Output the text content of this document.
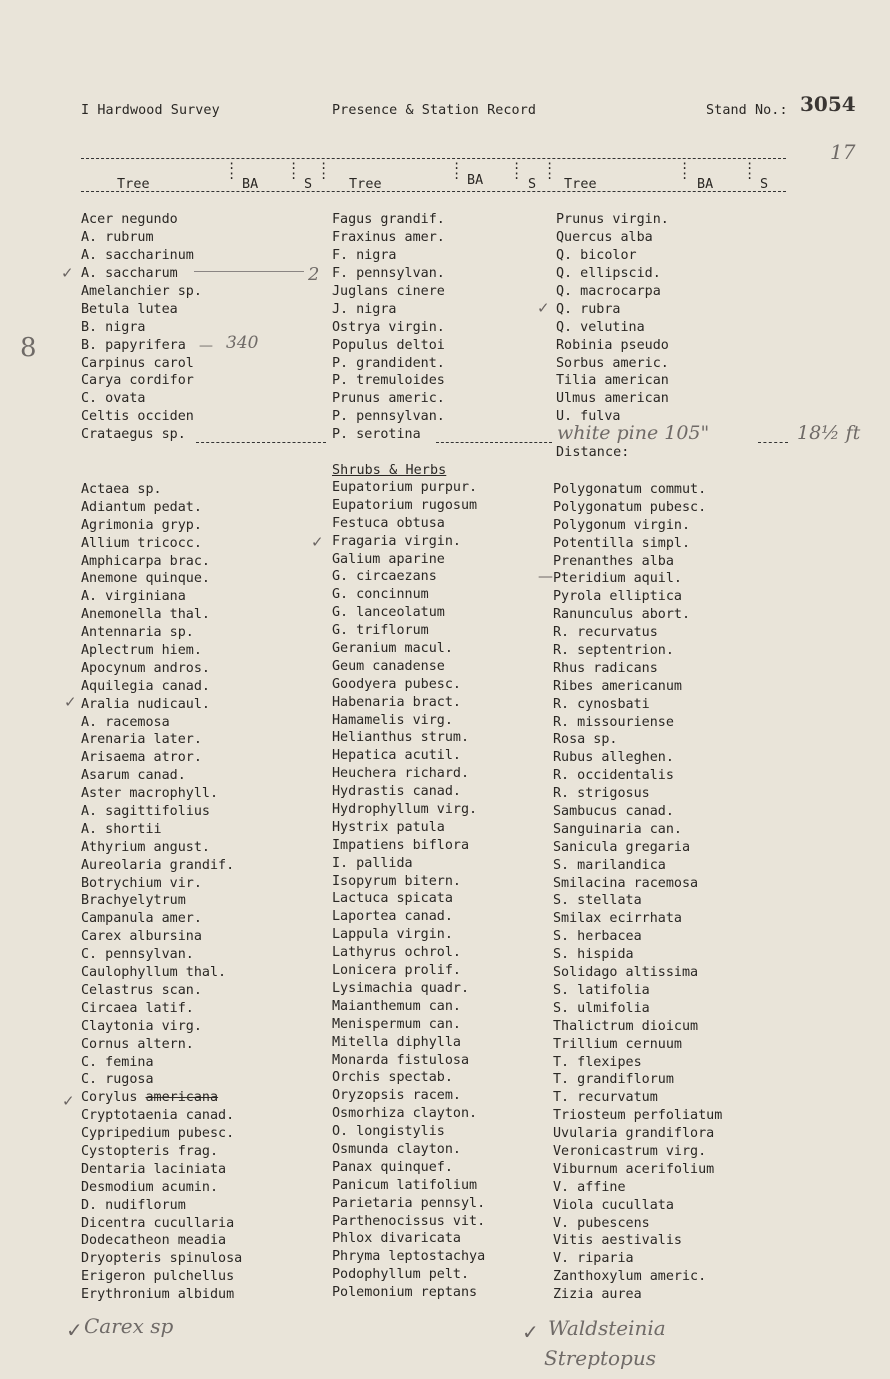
I Hardwood Survey	Presence & Station Record	Stand No.: 3054
17
:
:
:
:
:
:
:
:
:
:
:
:
:
:
:
:
Tree	BA	S	Tree	BA	S Tree	BA	S
Acer negundo
A. rubrum
A. saccharinum
A. saccharum
Amelanchier sp.
Betula lutea
B. nigra
B. papyrifera
Carpinus carol
Carya cordifor
C. ovata
Celtis occiden
Crataegus sp.
Fagus grandif.
Fraxinus amer.
F. nigra
F. pennsylvan.
Juglans cinere
J. nigra
Ostrya virgin.
Populus deltoi
P. grandident.
P. tremuloides
Prunus americ.
P. pennsylvan.
P. serotina
Prunus virgin.
Quercus alba
Q. bicolor
Q. ellipscid.
Q. macrocarpa
Q. rubra
Q. velutina
Robinia pseudo
Sorbus americ.
Tilia american
Ulmus american
U. fulva
white pine 105"	18½ ft
Distance:
8	— 340
2
✓
✓
✓
—
✓
✓
Shrubs & Herbs
Actaea sp.
Adiantum pedat.
Agrimonia gryp.
Allium tricocc.
Amphicarpa brac.
Anemone quinque.
A. virginiana
Anemonella thal.
Antennaria sp.
Aplectrum hiem.
Apocynum andros.
Aquilegia canad.
Aralia nudicaul.
A. racemosa
Arenaria later.
Arisaema atror.
Asarum canad.
Aster macrophyll.
A. sagittifolius
A. shortii
Athyrium angust.
Aureolaria grandif.
Botrychium vir.
Brachyelytrum
Campanula amer.
Carex albursina
C. pennsylvan.
Caulophyllum thal.
Celastrus scan.
Circaea latif.
Claytonia virg.
Cornus altern.
C. femina
C. rugosa
Corylus americana
Cryptotaenia canad.
Cypripedium pubesc.
Cystopteris frag.
Dentaria laciniata
Desmodium acumin.
D. nudiflorum
Dicentra cucullaria
Dodecatheon meadia
Dryopteris spinulosa
Erigeron pulchellus
Erythronium albidum
Eupatorium purpur.
Eupatorium rugosum
Festuca obtusa
Fragaria virgin.
Galium aparine
G. circaezans
G. concinnum
G. lanceolatum
G. triflorum
Geranium macul.
Geum canadense
Goodyera pubesc.
Habenaria bract.
Hamamelis virg.
Helianthus strum.
Hepatica acutil.
Heuchera richard.
Hydrastis canad.
Hydrophyllum virg.
Hystrix patula
Impatiens biflora
I. pallida
Isopyrum bitern.
Lactuca spicata
Laportea canad.
Lappula virgin.
Lathyrus ochrol.
Lonicera prolif.
Lysimachia quadr.
Maianthemum can.
Menispermum can.
Mitella diphylla
Monarda fistulosa
Orchis spectab.
Oryzopsis racem.
Osmorhiza clayton.
O. longistylis
Osmunda clayton.
Panax quinquef.
Panicum latifolium
Parietaria pennsyl.
Parthenocissus vit.
Phlox divaricata
Phryma leptostachya
Podophyllum pelt.
Polemonium reptans
Polygonatum commut.
Polygonatum pubesc.
Polygonum virgin.
Potentilla simpl.
Prenanthes alba
Pteridium aquil.
Pyrola elliptica
Ranunculus abort.
R. recurvatus
R. septentrion.
Rhus radicans
Ribes americanum
R. cynosbati
R. missouriense
Rosa sp.
Rubus alleghen.
R. occidentalis
R. strigosus
Sambucus canad.
Sanguinaria can.
Sanicula gregaria
S. marilandica
Smilacina racemosa
S. stellata
Smilax ecirrhata
S. herbacea
S. hispida
Solidago altissima
S. latifolia
S. ulmifolia
Thalictrum dioicum
Trillium cernuum
T. flexipes
T. grandiflorum
T. recurvatum
Triosteum perfoliatum
Uvularia grandiflora
Veronicastrum virg.
Viburnum acerifolium
V. affine
Viola cucullata
V. pubescens
Vitis aestivalis
V. riparia
Zanthoxylum americ.
Zizia aurea
✓ Carex sp	✓ Waldsteinia
Streptopus
